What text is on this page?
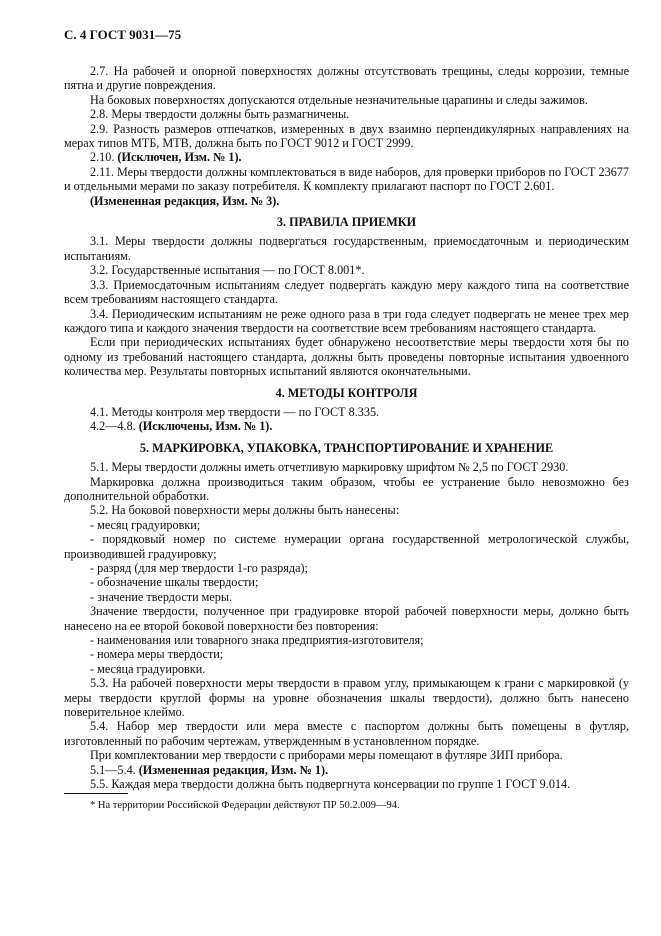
С. 4 ГОСТ 9031—75

2.7. На рабочей и опорной поверхностях должны отсутствовать трещины, следы коррозии, темные пятна и другие повреждения.

На боковых поверхностях допускаются отдельные незначительные царапины и следы зажимов.

2.8. Меры твердости должны быть размагничены.

2.9. Разность размеров отпечатков, измеренных в двух взаимно перпендикулярных направлениях на мерах типов МТБ, МТВ, должна быть по ГОСТ 9012 и ГОСТ 2999.

2.10. (Исключен, Изм. № 1).

2.11. Меры твердости должны комплектоваться в виде наборов, для проверки приборов по ГОСТ 23677 и отдельными мерами по заказу потребителя. К комплекту прилагают паспорт по ГОСТ 2.601.

(Измененная редакция, Изм. № 3).

3. ПРАВИЛА ПРИЕМКИ

3.1. Меры твердости должны подвергаться государственным, приемосдаточным и периодическим испытаниям.

3.2. Государственные испытания — по ГОСТ 8.001*.

3.3. Приемосдаточным испытаниям следует подвергать каждую меру каждого типа на соответствие всем требованиям настоящего стандарта.

3.4. Периодическим испытаниям не реже одного раза в три года следует подвергать не менее трех мер каждого типа и каждого значения твердости на соответствие всем требованиям настоящего стандарта.

Если при периодических испытаниях будет обнаружено несоответствие меры твердости хотя бы по одному из требований настоящего стандарта, должны быть проведены повторные испытания удвоенного количества мер. Результаты повторных испытаний являются окончательными.

4. МЕТОДЫ КОНТРОЛЯ

4.1. Методы контроля мер твердости — по ГОСТ 8.335.

4.2—4.8. (Исключены, Изм. № 1).

5. МАРКИРОВКА, УПАКОВКА, ТРАНСПОРТИРОВАНИЕ И ХРАНЕНИЕ

5.1. Меры твердости должны иметь отчетливую маркировку шрифтом № 2,5 по ГОСТ 2930.

Маркировка должна производиться таким образом, чтобы ее устранение было невозможно без дополнительной обработки.

5.2. На боковой поверхности меры должны быть нанесены:

- месяц градуировки;

- порядковый номер по системе нумерации органа государственной метрологической службы, производившей градуировку;

- разряд (для мер твердости 1-го разряда);

- обозначение шкалы твердости;

- значение твердости меры.

Значение твердости, полученное при градуировке второй рабочей поверхности меры, должно быть нанесено на ее второй боковой поверхности без повторения:

- наименования или товарного знака предприятия-изготовителя;

- номера меры твердости;

- месяца градуировки.

5.3. На рабочей поверхности меры твердости в правом углу, примыкающем к грани с маркировкой (у меры твердости круглой формы на уровне обозначения шкалы твердости), должно быть нанесено поверительное клеймо.

5.4. Набор мер твердости или мера вместе с паспортом должны быть помещены в футляр, изготовленный по рабочим чертежам, утвержденным в установленном порядке.

При комплектовании мер твердости с приборами меры помещают в футляре ЗИП прибора.

5.1—5.4. (Измененная редакция, Изм. № 1).

5.5. Каждая мера твердости должна быть подвергнута консервации по группе 1 ГОСТ 9.014.

* На территории Российской Федерации действуют ПР 50.2.009—94.
